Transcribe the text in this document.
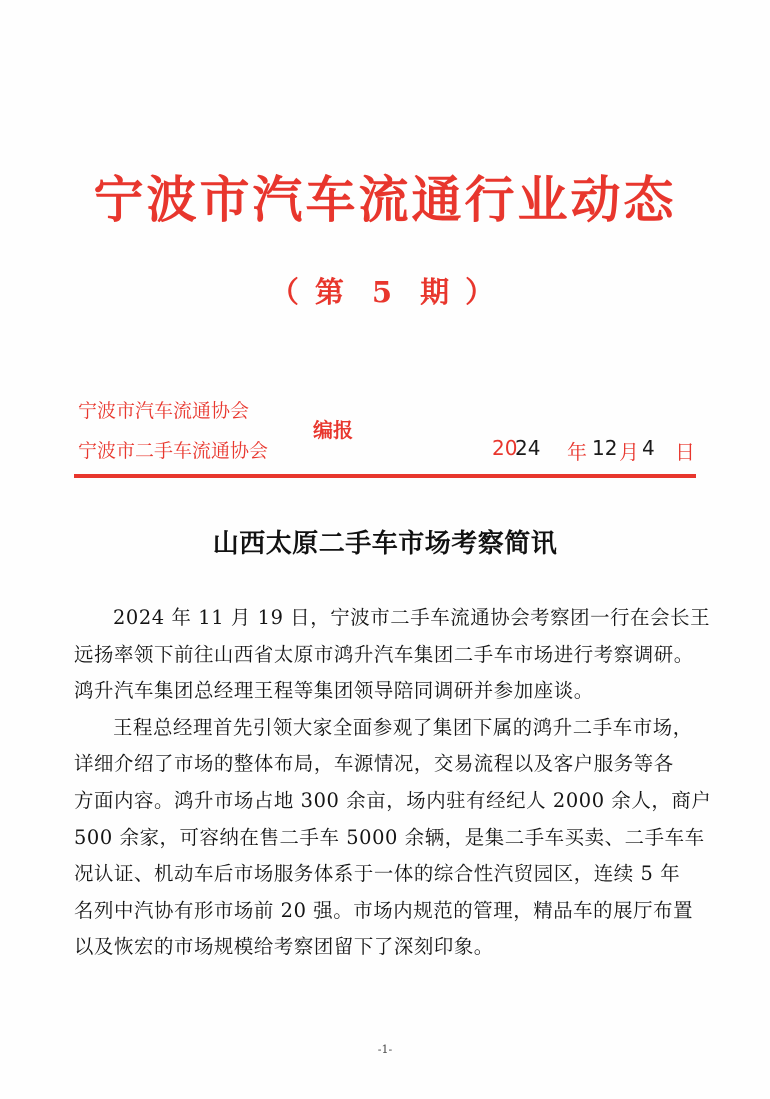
宁波市汽车流通行业动态
（ 第 5 期 ）
宁波市汽车流通协会
宁波市二手车流通协会
编报
20
24 年 12 月 4 日
山西太原二手车市场考察简讯
2024 年 11 月 19 日，宁波市二手车流通协会考察团一行在会长王
远扬率领下前往山西省太原市鸿升汽车集团二手车市场进行考察调研。
鸿升汽车集团总经理王程等集团领导陪同调研并参加座谈。
王程总经理首先引领大家全面参观了集团下属的鸿升二手车市场，
详细介绍了市场的整体布局，车源情况，交易流程以及客户服务等各
方面内容。鸿升市场占地 300 余亩，场内驻有经纪人 2000 余人，商户
500 余家，可容纳在售二手车 5000 余辆，是集二手车买卖、二手车车
况认证、机动车后市场服务体系于一体的综合性汽贸园区，连续 5 年
名列中汽协有形市场前 20 强。市场内规范的管理，精品车的展厅布置
以及恢宏的市场规模给考察团留下了深刻印象。
-1-
